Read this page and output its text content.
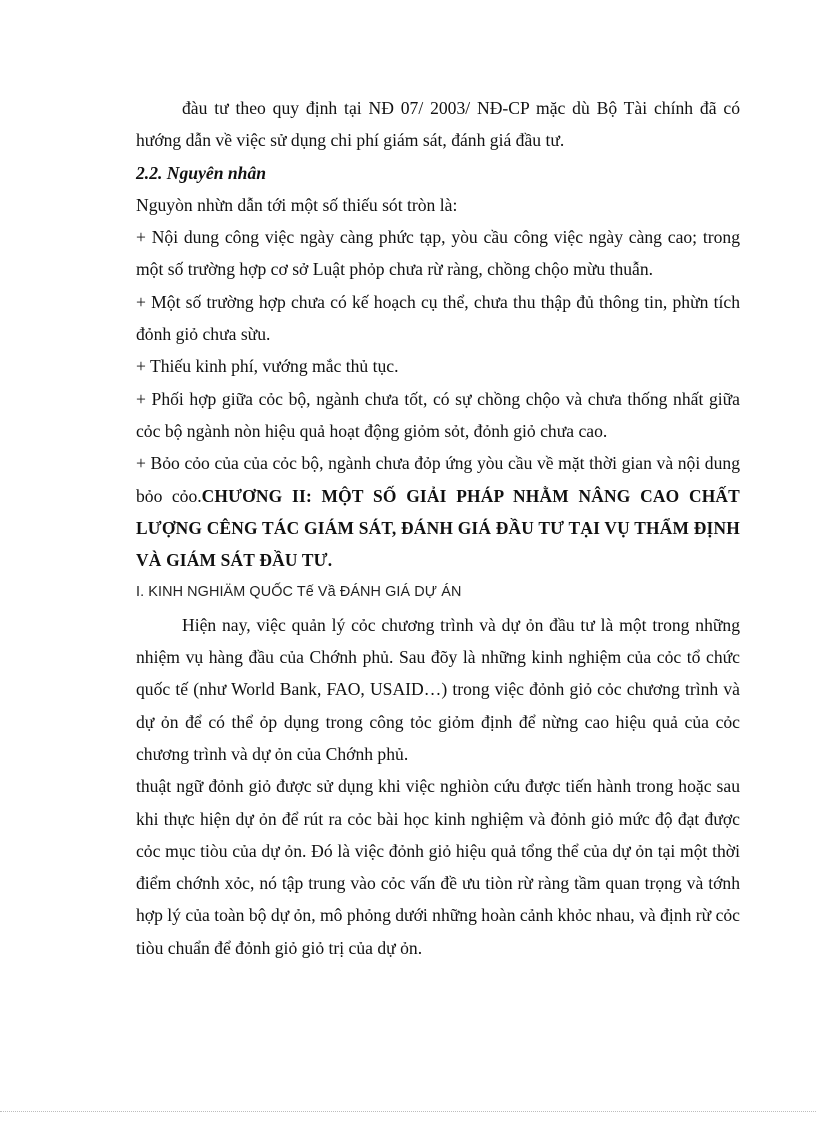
đàu tư theo quy định tại NĐ 07/ 2003/ NĐ-CP mặc dù Bộ Tài chính đã có hướng dẫn về việc sử dụng chi phí giám sát, đánh giá đầu tư.

2.2. Nguyên nhân

Nguyòn nhừn dẫn tới một số thiếu sót tròn là:

+ Nội dung công việc ngày càng phức tạp, yòu cầu công việc ngày càng cao; trong một số trường hợp cơ sở Luật phỏp chưa rừ ràng, chồng chộo mừu thuẫn.

+ Một số trường hợp chưa có kế hoạch cụ thể, chưa thu thập đủ thông tin, phừn tích đỏnh giỏ chưa sừu.

+ Thiếu kinh phí, vướng mắc thủ tục.

+ Phối hợp giữa cỏc bộ, ngành chưa tốt, có sự chồng chộo và chưa thống nhất giữa cỏc bộ ngành nòn hiệu quả hoạt động giỏm sỏt, đỏnh giỏ chưa cao.

+ Bỏo cỏo của của cỏc bộ, ngành chưa đỏp ứng yòu cầu về mặt thời gian và nội dung bỏo cỏo.CHƯƠNG II: MỘT SỐ GIẢI PHÁP NHẰM NÂNG CAO CHẤT LƯỢNG CÊNG TÁC GIÁM SÁT, ĐÁNH GIÁ ĐẦU TƯ TẠI VỤ THẨM ĐỊNH VÀ GIÁM SÁT ĐẦU TƯ.

I. KINH NGHIÄM QUỐC Tế Vầ ĐÁNH GIÁ DỰ ÁN

Hiện nay, việc quản lý cỏc chương trình và dự ỏn đầu tư là một trong những nhiệm vụ hàng đầu của Chớnh phủ. Sau đõy là những kinh nghiệm của cỏc tổ chức quốc tế (như World Bank, FAO, USAID…) trong việc đỏnh giỏ cỏc chương trình và dự ỏn để có thể ỏp dụng trong công tỏc giỏm định để nừng cao hiệu quả của cỏc chương trình và dự ỏn của Chớnh phủ.

thuật ngữ đỏnh giỏ được sử dụng khi việc nghiòn cứu được tiến hành trong hoặc sau khi thực hiện dự ỏn để rút ra cỏc bài học kinh nghiệm và đỏnh giỏ mức độ đạt được cỏc mục tiòu của dự ỏn. Đó là việc đỏnh giỏ hiệu quả tổng thể của dự ỏn tại một thời điểm chớnh xỏc, nó tập trung vào cỏc vấn đề ưu tiòn rừ ràng tầm quan trọng và tớnh hợp lý của toàn bộ dự ỏn, mô phỏng dưới những hoàn cảnh khỏc nhau, và định rừ cỏc tiòu chuẩn để đỏnh giỏ giỏ trị của dự ỏn.
